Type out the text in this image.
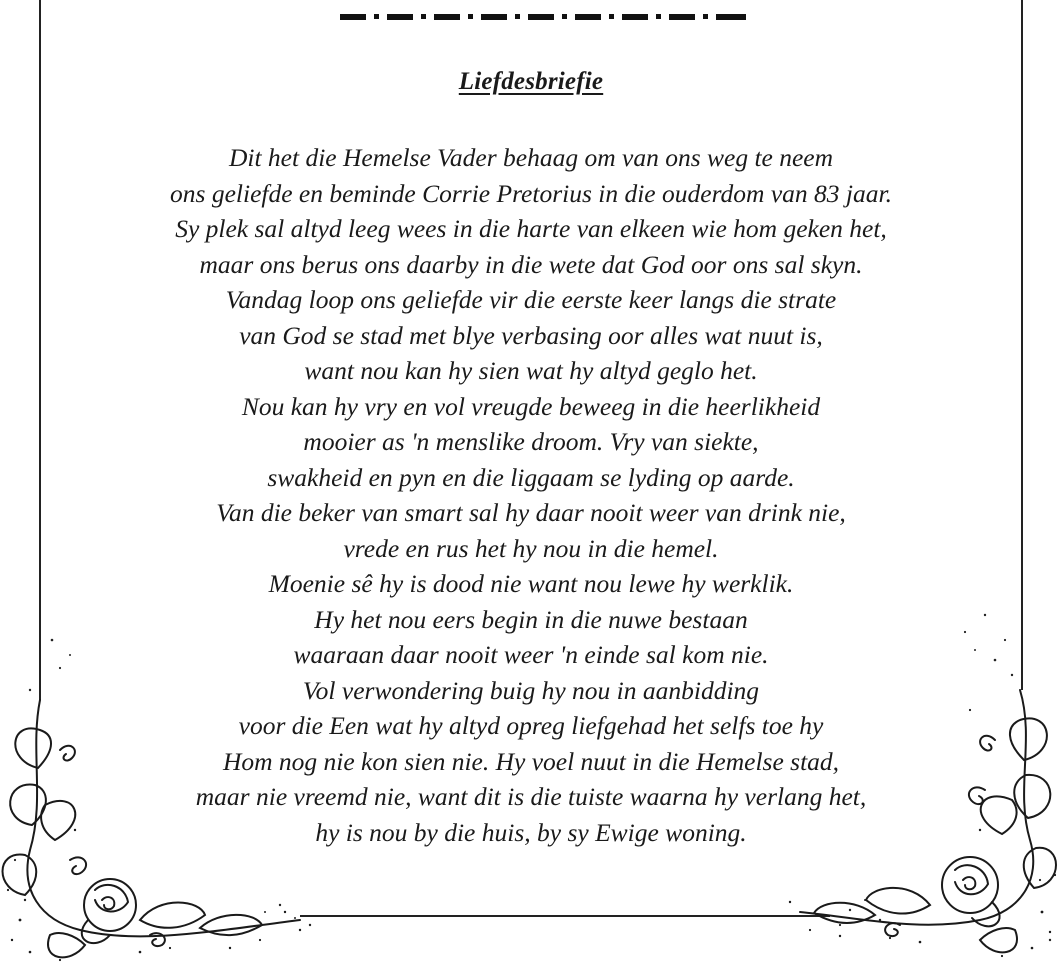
Liefdesbriefie
Dit het die Hemelse Vader behaag om van ons weg te neem
ons geliefde en beminde Corrie Pretorius in die ouderdom van 83 jaar.
Sy plek sal altyd leeg wees in die harte van elkeen wie hom geken het,
maar ons berus ons daarby in die wete dat God oor ons sal skyn.
Vandag loop ons geliefde vir die eerste keer langs die strate
van God se stad met blye verbasing oor alles wat nuut is,
want nou kan hy sien wat hy altyd geglo het.
Nou kan hy vry en vol vreugde beweeg in die heerlikheid
mooier as 'n menslike droom. Vry van siekte,
swakheid en pyn en die liggaam se lyding op aarde.
Van die beker van smart sal hy daar nooit weer van drink nie,
vrede en rus het hy nou in die hemel.
Moenie sê hy is dood nie want nou lewe hy werklik.
Hy het nou eers begin in die nuwe bestaan
waaraan daar nooit weer 'n einde sal kom nie.
Vol verwondering buig hy nou in aanbidding
voor die Een wat hy altyd opreg liefgehad het selfs toe hy
Hom nog nie kon sien nie. Hy voel nuut in die Hemelse stad,
maar nie vreemd nie, want dit is die tuiste waarna hy verlang het,
hy is nou by die huis, by sy Ewige woning.
